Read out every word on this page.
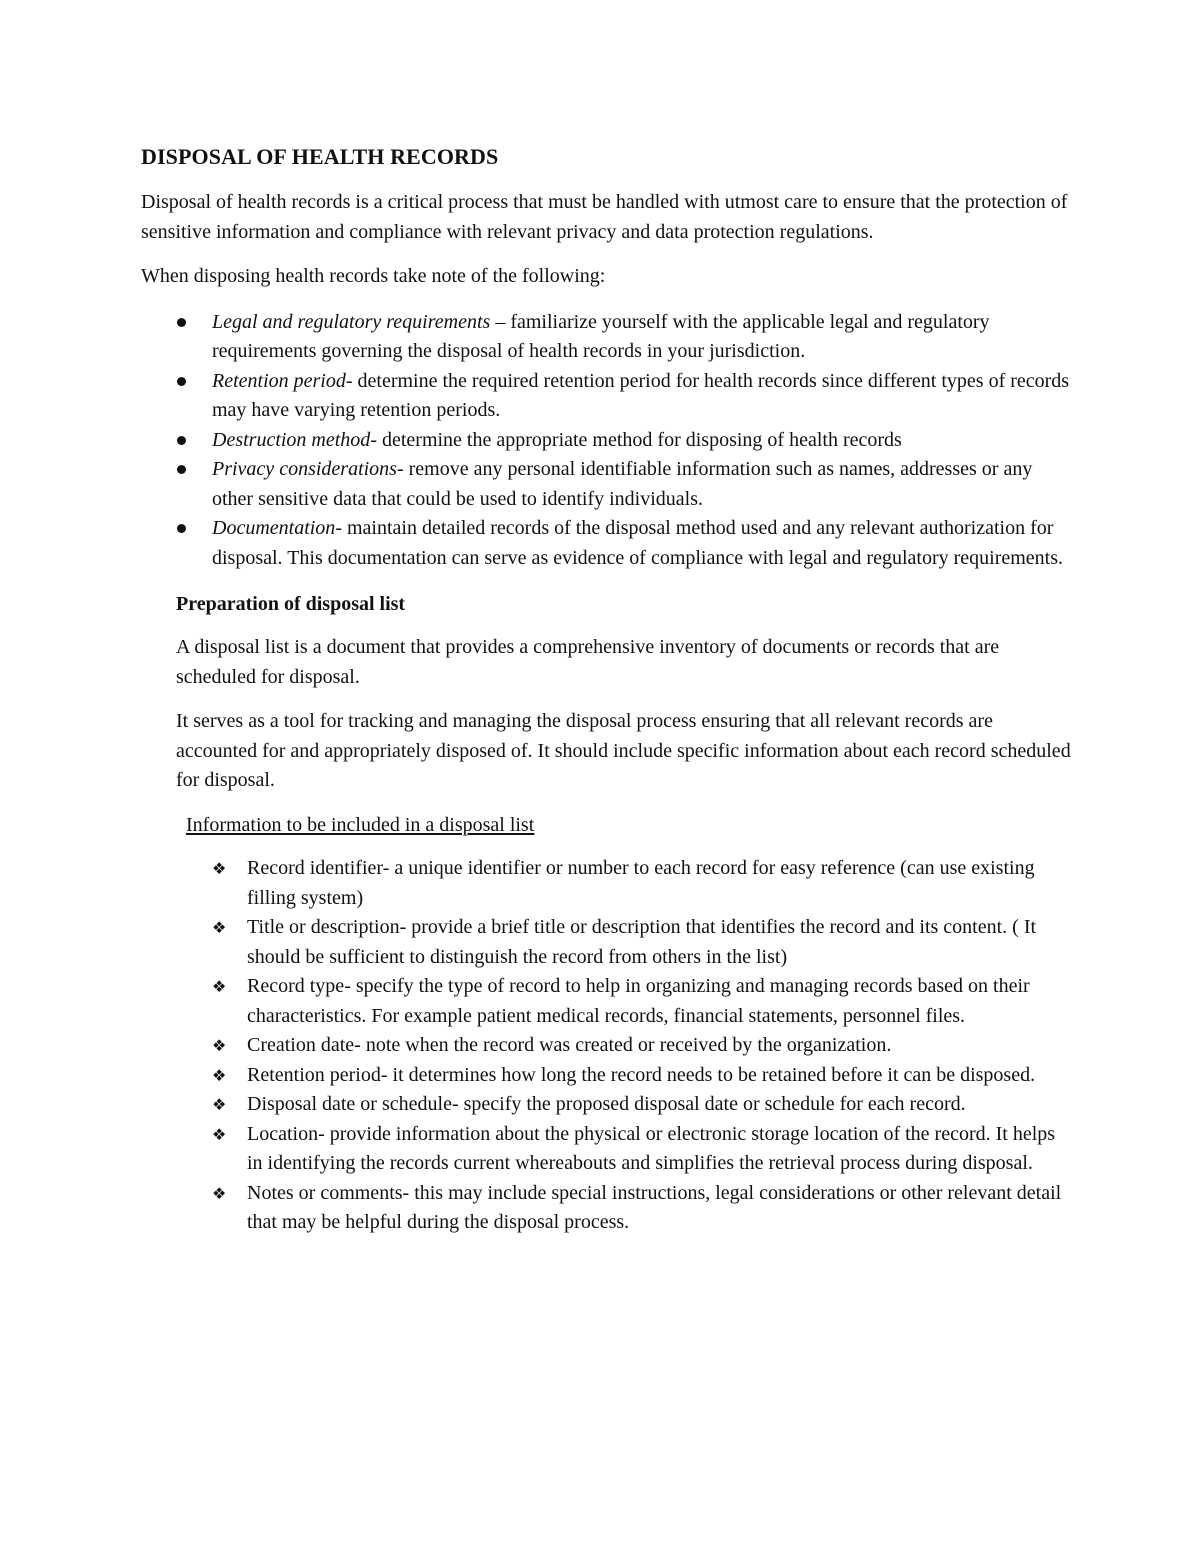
DISPOSAL OF HEALTH RECORDS

Disposal of health records is a critical process that must be handled with utmost care to ensure that the protection of sensitive information and compliance with relevant privacy and data protection regulations.

When disposing health records take note of the following:

Legal and regulatory requirements – familiarize yourself with the applicable legal and regulatory requirements governing the disposal of health records in your jurisdiction.
Retention period- determine the required retention period for health records since different types of records may have varying retention periods.
Destruction method- determine the appropriate method for disposing of health records
Privacy considerations- remove any personal identifiable information such as names, addresses or any other sensitive data that could be used to identify individuals.
Documentation- maintain detailed records of the disposal method used and any relevant authorization for disposal. This documentation can serve as evidence of compliance with legal and regulatory requirements.
Preparation of disposal list

A disposal list is a document that provides a comprehensive inventory of documents or records that are scheduled for disposal.

It serves as a tool for tracking and managing the disposal process ensuring that all relevant records are accounted for and appropriately disposed of. It should include specific information about each record scheduled for disposal.

Information to be included in a disposal list

❖ Record identifier- a unique identifier or number to each record for easy reference (can use existing filling system)
❖ Title or description- provide a brief title or description that identifies the record and its content. ( It should be sufficient to distinguish the record from others in the list)
❖ Record type- specify the type of record to help in organizing and managing records based on their characteristics. For example patient medical records, financial statements, personnel files.
❖ Creation date- note when the record was created or received by the organization.
❖ Retention period- it determines how long the record needs to be retained before it can be disposed.
❖ Disposal date or schedule- specify the proposed disposal date or schedule for each record.
❖ Location- provide information about the physical or electronic storage location of the record. It helps in identifying the records current whereabouts and simplifies the retrieval process during disposal.
❖ Notes or comments- this may include special instructions, legal considerations or other relevant detail that may be helpful during the disposal process.
